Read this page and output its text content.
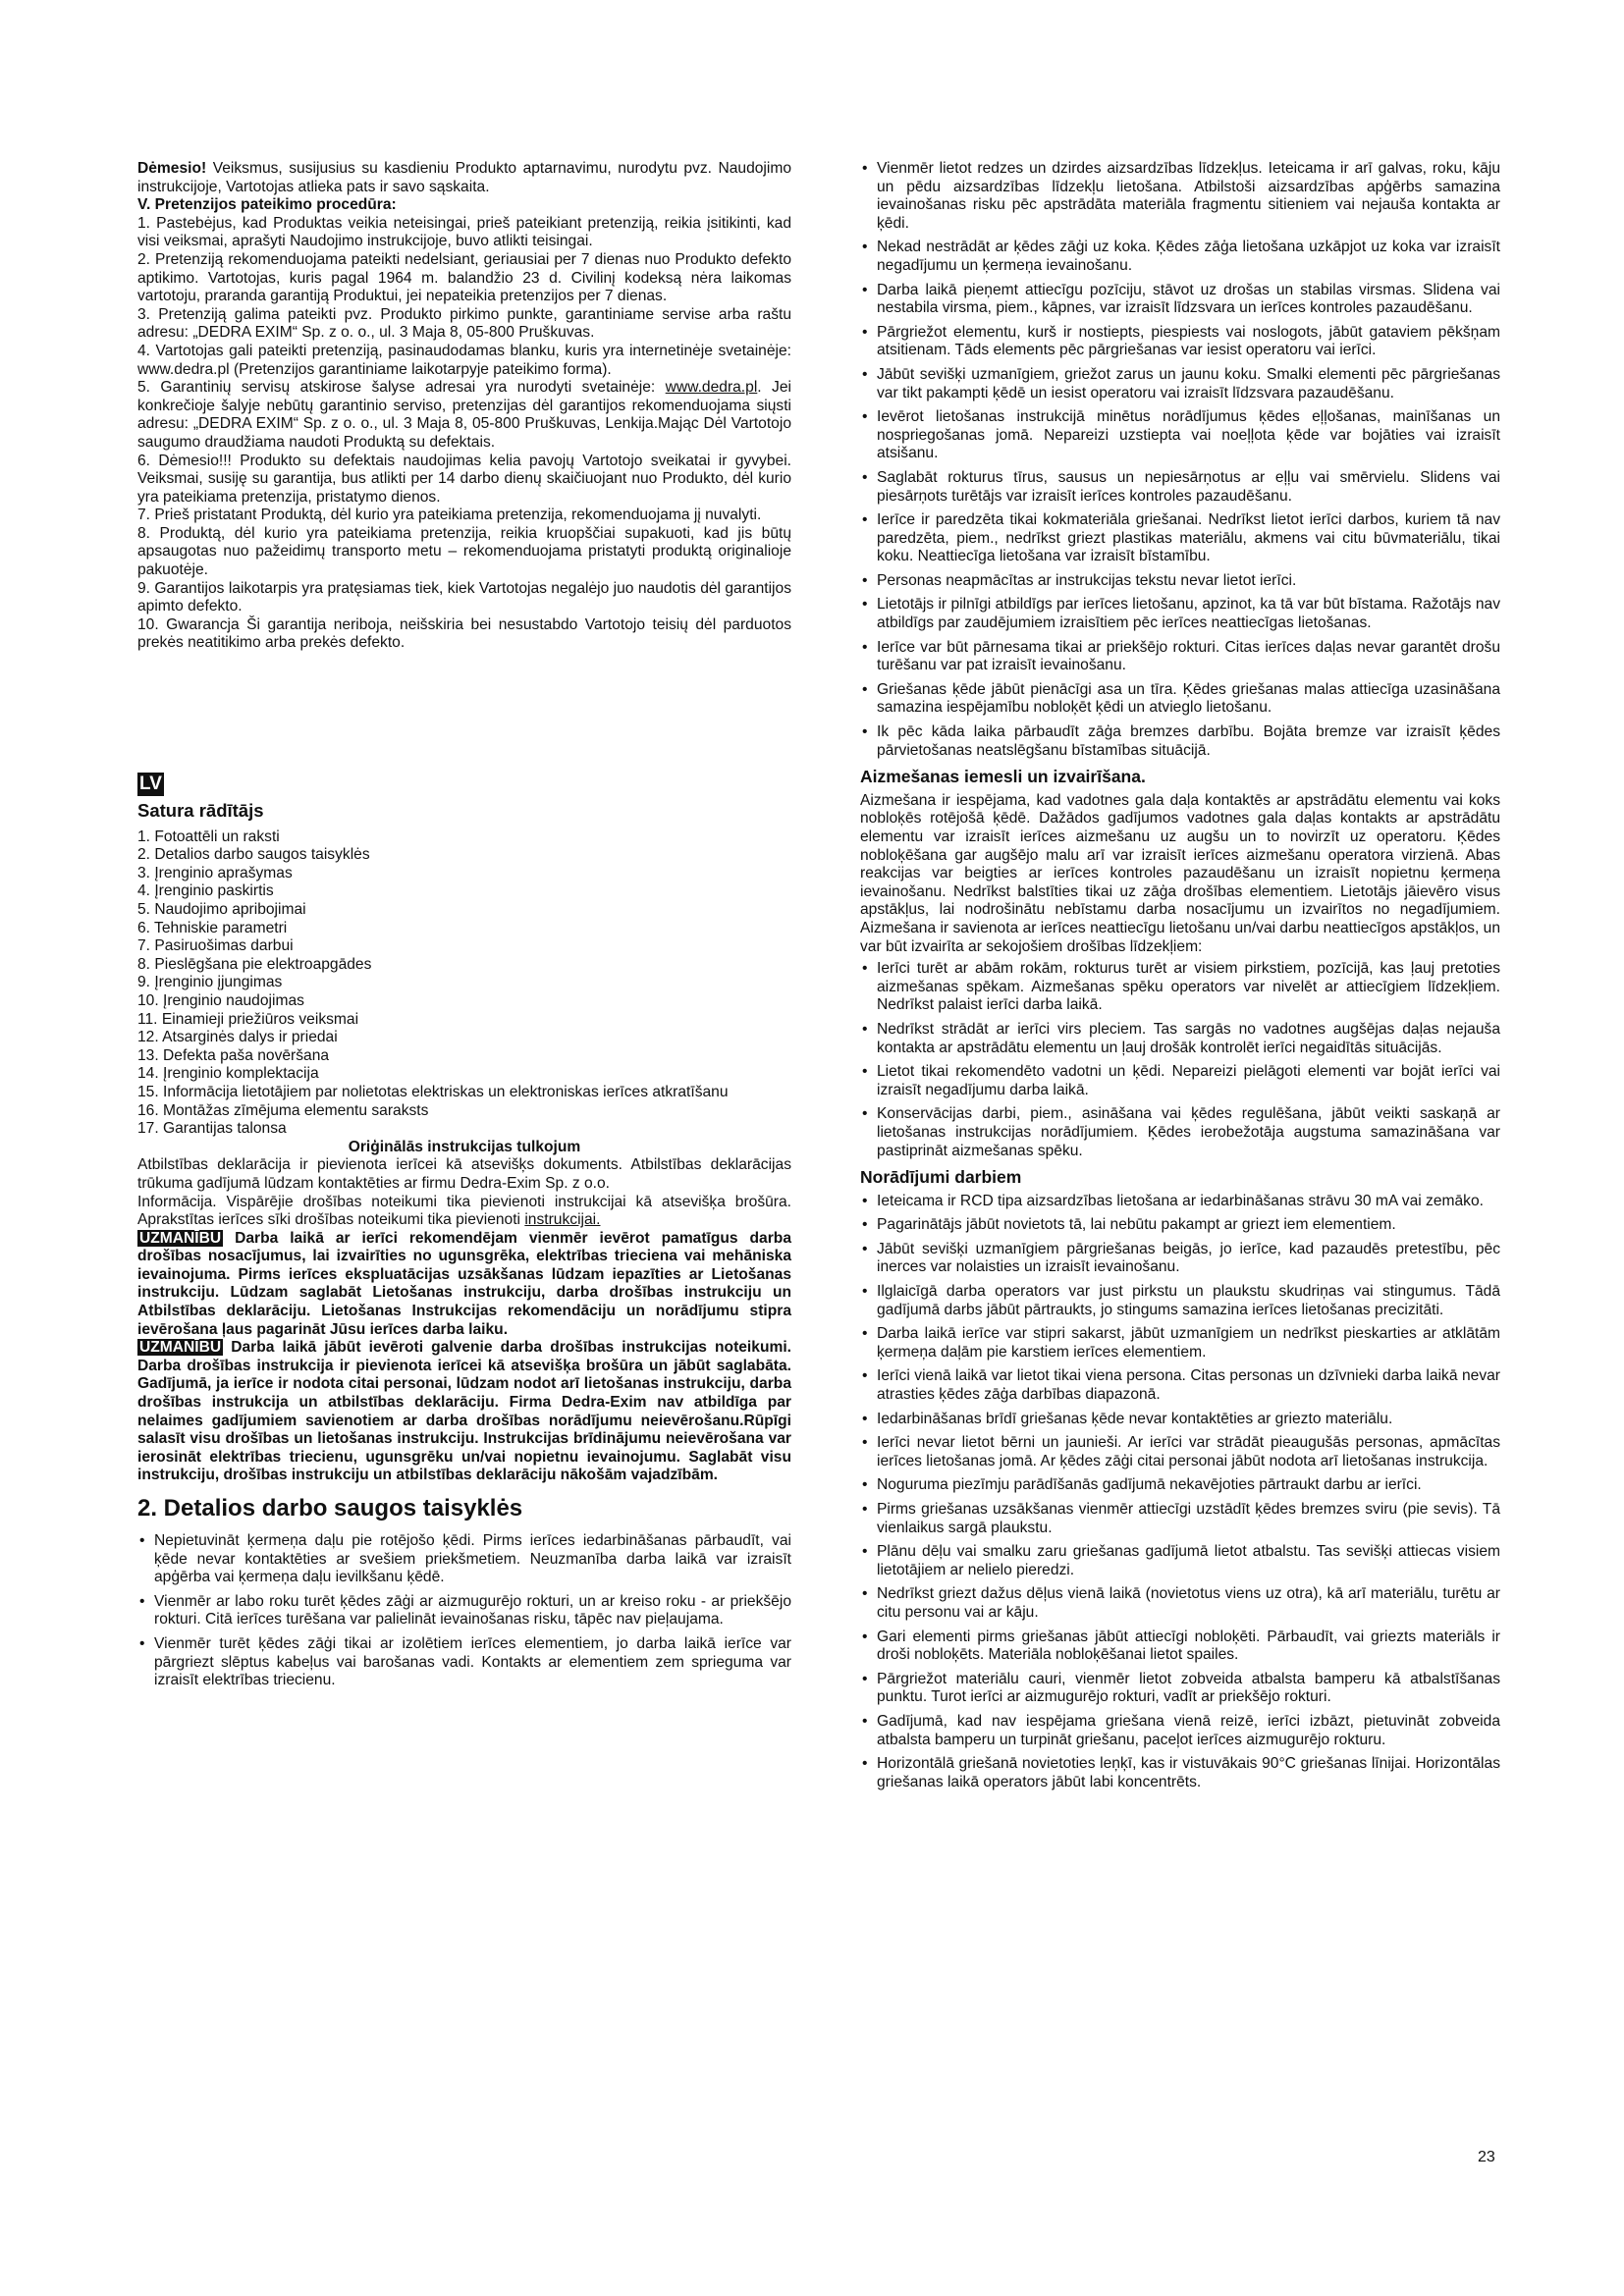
Dėmesio! Veiksmus, susijusius su kasdieniu Produkto aptarnavimu, nurodytu pvz. Naudojimo instrukcijoje, Vartotojas atlieka pats ir savo sąskaita.

V. Pretenzijos pateikimo procedūra:

1. Pastebėjus, kad Produktas veikia neteisingai, prieš pateikiant pretenziją, reikia įsitikinti, kad visi veiksmai, aprašyti Naudojimo instrukcijoje, buvo atlikti teisingai.

2. Pretenziją rekomenduojama pateikti nedelsiant, geriausiai per 7 dienas nuo Produkto defekto aptikimo. Vartotojas, kuris pagal 1964 m. balandžio 23 d. Civilinį kodeksą nėra laikomas vartotoju, praranda garantiją Produktui, jei nepateikia pretenzijos per 7 dienas.

3. Pretenziją galima pateikti pvz. Produkto pirkimo punkte, garantiniame servise arba raštu adresu: „DEDRA EXIM“ Sp. z o. o., ul. 3 Maja 8, 05-800 Pruškuvas.

4. Vartotojas gali pateikti pretenziją, pasinaudodamas blanku, kuris yra internetinėje svetainėje: www.dedra.pl (Pretenzijos garantiniame laikotarpyje pateikimo forma).

5. Garantinių servisų atskirose šalyse adresai yra nurodyti svetainėje: www.dedra.pl. Jei konkrečioje šalyje nebūtų garantinio serviso, pretenzijas dėl garantijos rekomenduojama siųsti adresu: „DEDRA EXIM“ Sp. z o. o., ul. 3 Maja 8, 05-800 Pruškuvas, Lenkija.Mając Dėl Vartotojo saugumo draudžiama naudoti Produktą su defektais.

6. Dėmesio!!! Produkto su defektais naudojimas kelia pavojų Vartotojo sveikatai ir gyvybei. Veiksmai, susiję su garantija, bus atlikti per 14 darbo dienų skaičiuojant nuo Produkto, dėl kurio yra pateikiama pretenzija, pristatymo dienos.

7. Prieš pristatant Produktą, dėl kurio yra pateikiama pretenzija, rekomenduojama jį nuvalyti.

8. Produktą, dėl kurio yra pateikiama pretenzija, reikia kruopščiai supakuoti, kad jis būtų apsaugotas nuo pažeidimų transporto metu – rekomenduojama pristatyti produktą originalioje pakuotėje.

9. Garantijos laikotarpis yra pratęsiamas tiek, kiek Vartotojas negalėjo juo naudotis dėl garantijos apimto defekto.

10. Gwarancja Ši garantija neriboja, neišskiria bei nesustabdo Vartotojo teisių dėl parduotos prekės neatitikimo arba prekės defekto.

LV
Satura rādītājs
1. Fotoattēli un raksti
2. Detalios darbo saugos taisyklės
3. Įrenginio aprašymas
4. Įrenginio paskirtis
5. Naudojimo apribojimai
6. Tehniskie parametri
7. Pasiruošimas darbui
8. Pieslēgšana pie elektroapgādes
9. Įrenginio įjungimas
10. Įrenginio naudojimas
11. Einamieji priežiūros veiksmai
12. Atsarginės dalys ir priedai
13. Defekta paša novēršana
14. Įrenginio komplektacija
15. Informācija lietotājiem par nolietotas elektriskas un elektroniskas ierīces atkratīšanu
16. Montāžas zīmējuma elementu saraksts
17. Garantijas talonsa

Oriģinālās instrukcijas tulkojum

Atbilstības deklarācija ir pievienota ierīcei kā atsevišķs dokuments. Atbilstības deklarācijas trūkuma gadījumā lūdzam kontaktēties ar firmu Dedra-Exim Sp. z o.o.

Informācija. Vispārējie drošības noteikumi tika pievienoti instrukcijai kā atsevišķa brošūra. Aprakstītas ierīces sīki drošības noteikumi tika pievienoti instrukcijai.

UZMANĪBU Darba laikā ar ierīci rekomendējam vienmēr ievērot pamatīgus darba drošības nosacījumus, lai izvairīties no ugunsgrēka, elektrības trieciena vai mehāniska ievainojuma. Pirms ierīces ekspluatācijas uzsākšanas lūdzam iepazīties ar Lietošanas instrukciju. Lūdzam saglabāt Lietošanas instrukciju, darba drošības instrukciju un Atbilstības deklarāciju. Lietošanas Instrukcijas rekomendāciju un norādījumu stipra ievērošana ļaus pagarināt Jūsu ierīces darba laiku.

UZMANĪBU Darba laikā jābūt ievēroti galvenie darba drošības instrukcijas noteikumi. Darba drošības instrukcija ir pievienota ierīcei kā atsevišķa brošūra un jābūt saglabāta. Gadījumā, ja ierīce ir nodota citai personai, lūdzam nodot arī lietošanas instrukciju, darba drošības instrukcija un atbilstības deklarāciju. Firma Dedra-Exim nav atbildīga par nelaimes gadījumiem savienotiem ar darba drošības norādījumu neievērošanu.Rūpīgi salasīt visu drošības un lietošanas instrukciju. Instrukcijas brīdinājumu neievērošana var ierosināt elektrības triecienu, ugunsgrēku un/vai nopietnu ievainojumu. Saglabāt visu instrukciju, drošības instrukciju un atbilstības deklarāciju nākošām vajadzībām.

2. Detalios darbo saugos taisyklės
• Nepietuvināt ķermeņa daļu pie rotējošo ķēdi. Pirms ierīces iedarbināšanas pārbaudīt, vai ķēde nevar kontaktēties ar svešiem priekšmetiem. Neuzmanība darba laikā var izraisīt apģērba vai ķermeņa daļu ievilkšanu ķēdē.
• Vienmēr ar labo roku turēt ķēdes zāģi ar aizmugurējo rokturi, un ar kreiso roku - ar priekšējo rokturi. Citā ierīces turēšana var palielināt ievainošanas risku, tāpēc nav pieļaujama.
• Vienmēr turēt ķēdes zāģi tikai ar izolētiem ierīces elementiem, jo darba laikā ierīce var pārgriezt slēptus kabeļus vai barošanas vadi. Kontakts ar elementiem zem sprieguma var izraisīt elektrības triecienu.
• Vienmēr lietot redzes un dzirdes aizsardzības līdzekļus. Ieteicama ir arī galvas, roku, kāju un pēdu aizsardzības līdzekļu lietošana. Atbilstoši aizsardzības apģērbs samazina ievainošanas risku pēc apstrādāta materiāla fragmentu sitieniem vai nejauša kontakta ar ķēdi.
• Nekad nestrādāt ar ķēdes zāģi uz koka. Ķēdes zāģa lietošana uzkāpjot uz koka var izraisīt negadījumu un ķermeņa ievainošanu.
• Darba laikā pieņemt attiecīgu pozīciju, stāvot uz drošas un stabilas virsmas. Slidena vai nestabila virsma, piem., kāpnes, var izraisīt līdzsvara un ierīces kontroles pazaudēšanu.
• Pārgriežot elementu, kurš ir nostiepts, piespiests vai noslogots, jābūt gataviem pēkšņam atsitienam. Tāds elements pēc pārgriešanas var iesist operatoru vai ierīci.
• Jābūt sevišķi uzmanīgiem, griežot zarus un jaunu koku. Smalki elementi pēc pārgriešanas var tikt pakampti ķēdē un iesist operatoru vai izraisīt līdzsvara pazaudēšanu.
• Ievērot lietošanas instrukcijā minētus norādījumus ķēdes eļļošanas, mainīšanas un nospriegošanas jomā. Nepareizi uzstiepta vai noeļļota ķēde var bojāties vai izraisīt atsišanu.
• Saglabāt rokturus tīrus, sausus un nepiesārņotus ar eļļu vai smērvielu. Slidens vai piesārņots turētājs var izraisīt ierīces kontroles pazaudēšanu.
• Ierīce ir paredzēta tikai kokmateriāla griešanai. Nedrīkst lietot ierīci darbos, kuriem tā nav paredzēta, piem., nedrīkst griezt plastikas materiālu, akmens vai citu būvmateriālu, tikai koku. Neattiecīga lietošana var izraisīt bīstamību.
• Personas neapmācītas ar instrukcijas tekstu nevar lietot ierīci.
• Lietotājs ir pilnīgi atbildīgs par ierīces lietošanu, apzinot, ka tā var būt bīstama. Ražotājs nav atbildīgs par zaudējumiem izraisītiem pēc ierīces neattiecīgas lietošanas.
• Ierīce var būt pārnesama tikai ar priekšējo rokturi. Citas ierīces daļas nevar garantēt drošu turēšanu var pat izraisīt ievainošanu.
• Griešanas ķēde jābūt pienācīgi asa un tīra. Ķēdes griešanas malas attiecīga uzasināšana samazina iespējamību nobloķēt ķēdi un atvieglo lietošanu.
• Ik pēc kāda laika pārbaudīt zāģa bremzes darbību. Bojāta bremze var izraisīt ķēdes pārvietošanas neatslēgšanu bīstamības situācijā.
Aizmešanas iemesli un izvairīšana.

Aizmešana ir iespējama, kad vadotnes gala daļa kontaktēs ar apstrādātu elementu vai koks nobloķēs rotējošā ķēdē. Dažādos gadījumos vadotnes gala daļas kontakts ar apstrādātu elementu var izraisīt ierīces aizmešanu uz augšu un to novirzīt uz operatoru. Ķēdes nobloķēšana gar augšējo malu arī var izraisīt ierīces aizmešanu operatora virzienā. Abas reakcijas var beigties ar ierīces kontroles pazaudēšanu un izraisīt nopietnu ķermeņa ievainošanu. Nedrīkst balstīties tikai uz zāģa drošības elementiem. Lietotājs jāievēro visus apstākļus, lai nodrošinātu nebīstamu darba nosacījumu un izvairītos no negadījumiem. Aizmešana ir savienota ar ierīces neattiecīgu lietošanu un/vai darbu neattiecīgos apstākļos, un var būt izvairīta ar sekojošiem drošības līdzekļiem:

• Ierīci turēt ar abām rokām, rokturus turēt ar visiem pirkstiem, pozīcijā, kas ļauj pretoties aizmešanas spēkam. Aizmešanas spēku operators var nivelēt ar attiecīgiem līdzekļiem. Nedrīkst palaist ierīci darba laikā.
• Nedrīkst strādāt ar ierīci virs pleciem. Tas sargās no vadotnes augšējas daļas nejauša kontakta ar apstrādātu elementu un ļauj drošāk kontrolēt ierīci negaidītās situācijās.
• Lietot tikai rekomendēto vadotni un ķēdi. Nepareizi pielāgoti elementi var bojāt ierīci vai izraisīt negadījumu darba laikā.
• Konservācijas darbi, piem., asināšana vai ķēdes regulēšana, jābūt veikti saskaņā ar lietošanas instrukcijas norādījumiem. Ķēdes ierobežotāja augstuma samazināšana var pastiprināt aizmešanas spēku.
Norādījumi darbiem
• Ieteicama ir RCD tipa aizsardzības lietošana ar iedarbināšanas strāvu 30 mA vai zemāko.
• Pagarinātājs jābūt novietots tā, lai nebūtu pakampt ar griezt iem elementiem.
• Jābūt sevišķi uzmanīgiem pārgriešanas beigās, jo ierīce, kad pazaudēs pretestību, pēc inerces var nolaisties un izraisīt ievainošanu.
• Ilglaicīgā darba operators var just pirkstu un plaukstu skudriņas vai stingumus. Tādā gadījumā darbs jābūt pārtraukts, jo stingums samazina ierīces lietošanas precizitāti.
• Darba laikā ierīce var stipri sakarst, jābūt uzmanīgiem un nedrīkst pieskarties ar atklātām ķermeņa daļām pie karstiem ierīces elementiem.
• Ierīci vienā laikā var lietot tikai viena persona. Citas personas un dzīvnieki darba laikā nevar atrasties ķēdes zāģa darbības diapazonā.
• Iedarbināšanas brīdī griešanas ķēde nevar kontaktēties ar griezto materiālu.
• Ierīci nevar lietot bērni un jaunieši. Ar ierīci var strādāt pieaugušās personas, apmācītas ierīces lietošanas jomā. Ar ķēdes zāģi citai personai jābūt nodota arī lietošanas instrukcija.
• Noguruma piezīmju parādīšanās gadījumā nekavējoties pārtraukt darbu ar ierīci.
• Pirms griešanas uzsākšanas vienmēr attiecīgi uzstādīt ķēdes bremzes sviru (pie sevis). Tā vienlaikus sargā plaukstu.
• Plānu dēļu vai smalku zaru griešanas gadījumā lietot atbalstu. Tas sevišķi attiecas visiem lietotājiem ar nelielo pieredzi.
• Nedrīkst griezt dažus dēļus vienā laikā (novietotus viens uz otra), kā arī materiālu, turētu ar citu personu vai ar kāju.
• Gari elementi pirms griešanas jābūt attiecīgi nobloķēti. Pārbaudīt, vai griezts materiāls ir droši nobloķēts. Materiāla nobloķēšanai lietot spailes.
• Pārgriežot materiālu cauri, vienmēr lietot zobveida atbalsta bamperu kā atbalstīšanas punktu. Turot ierīci ar aizmugurējo rokturi, vadīt ar priekšējo rokturi.
• Gadījumā, kad nav iespējama griešana vienā reizē, ierīci izbāzt, pietuvināt zobveida atbalsta bamperu un turpināt griešanu, paceļot ierīces aizmugurējo rokturu.
• Horizontālā griešanā novietoties leņķī, kas ir vistuvākais 90°C griešanas līnijai. Horizontālas griešanas laikā operators jābūt labi koncentrēts.
23
